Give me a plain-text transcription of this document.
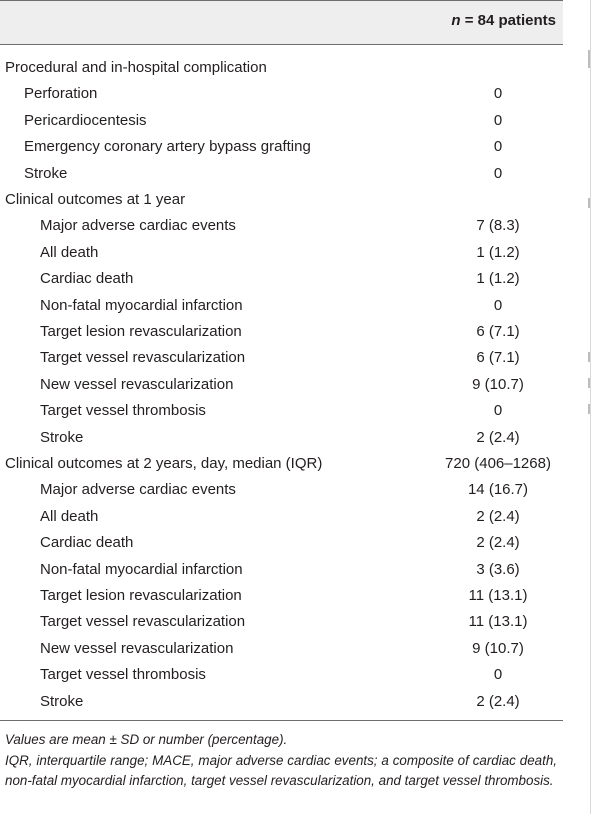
n = 84 patients
Procedural and in-hospital complication
Perforation	0
Pericardiocentesis	0
Emergency coronary artery bypass grafting	0
Stroke	0
Clinical outcomes at 1 year
Major adverse cardiac events	7 (8.3)
All death	1 (1.2)
Cardiac death	1 (1.2)
Non-fatal myocardial infarction	0
Target lesion revascularization	6 (7.1)
Target vessel revascularization	6 (7.1)
New vessel revascularization	9 (10.7)
Target vessel thrombosis	0
Stroke	2 (2.4)
Clinical outcomes at 2 years, day, median (IQR)	720 (406–1268)
Major adverse cardiac events	14 (16.7)
All death	2 (2.4)
Cardiac death	2 (2.4)
Non-fatal myocardial infarction	3 (3.6)
Target lesion revascularization	11 (13.1)
Target vessel revascularization	11 (13.1)
New vessel revascularization	9 (10.7)
Target vessel thrombosis	0
Stroke	2 (2.4)
Values are mean ± SD or number (percentage).
IQR, interquartile range; MACE, major adverse cardiac events; a composite of cardiac death, non-fatal myocardial infarction, target vessel revascularization, and target vessel thrombosis.
